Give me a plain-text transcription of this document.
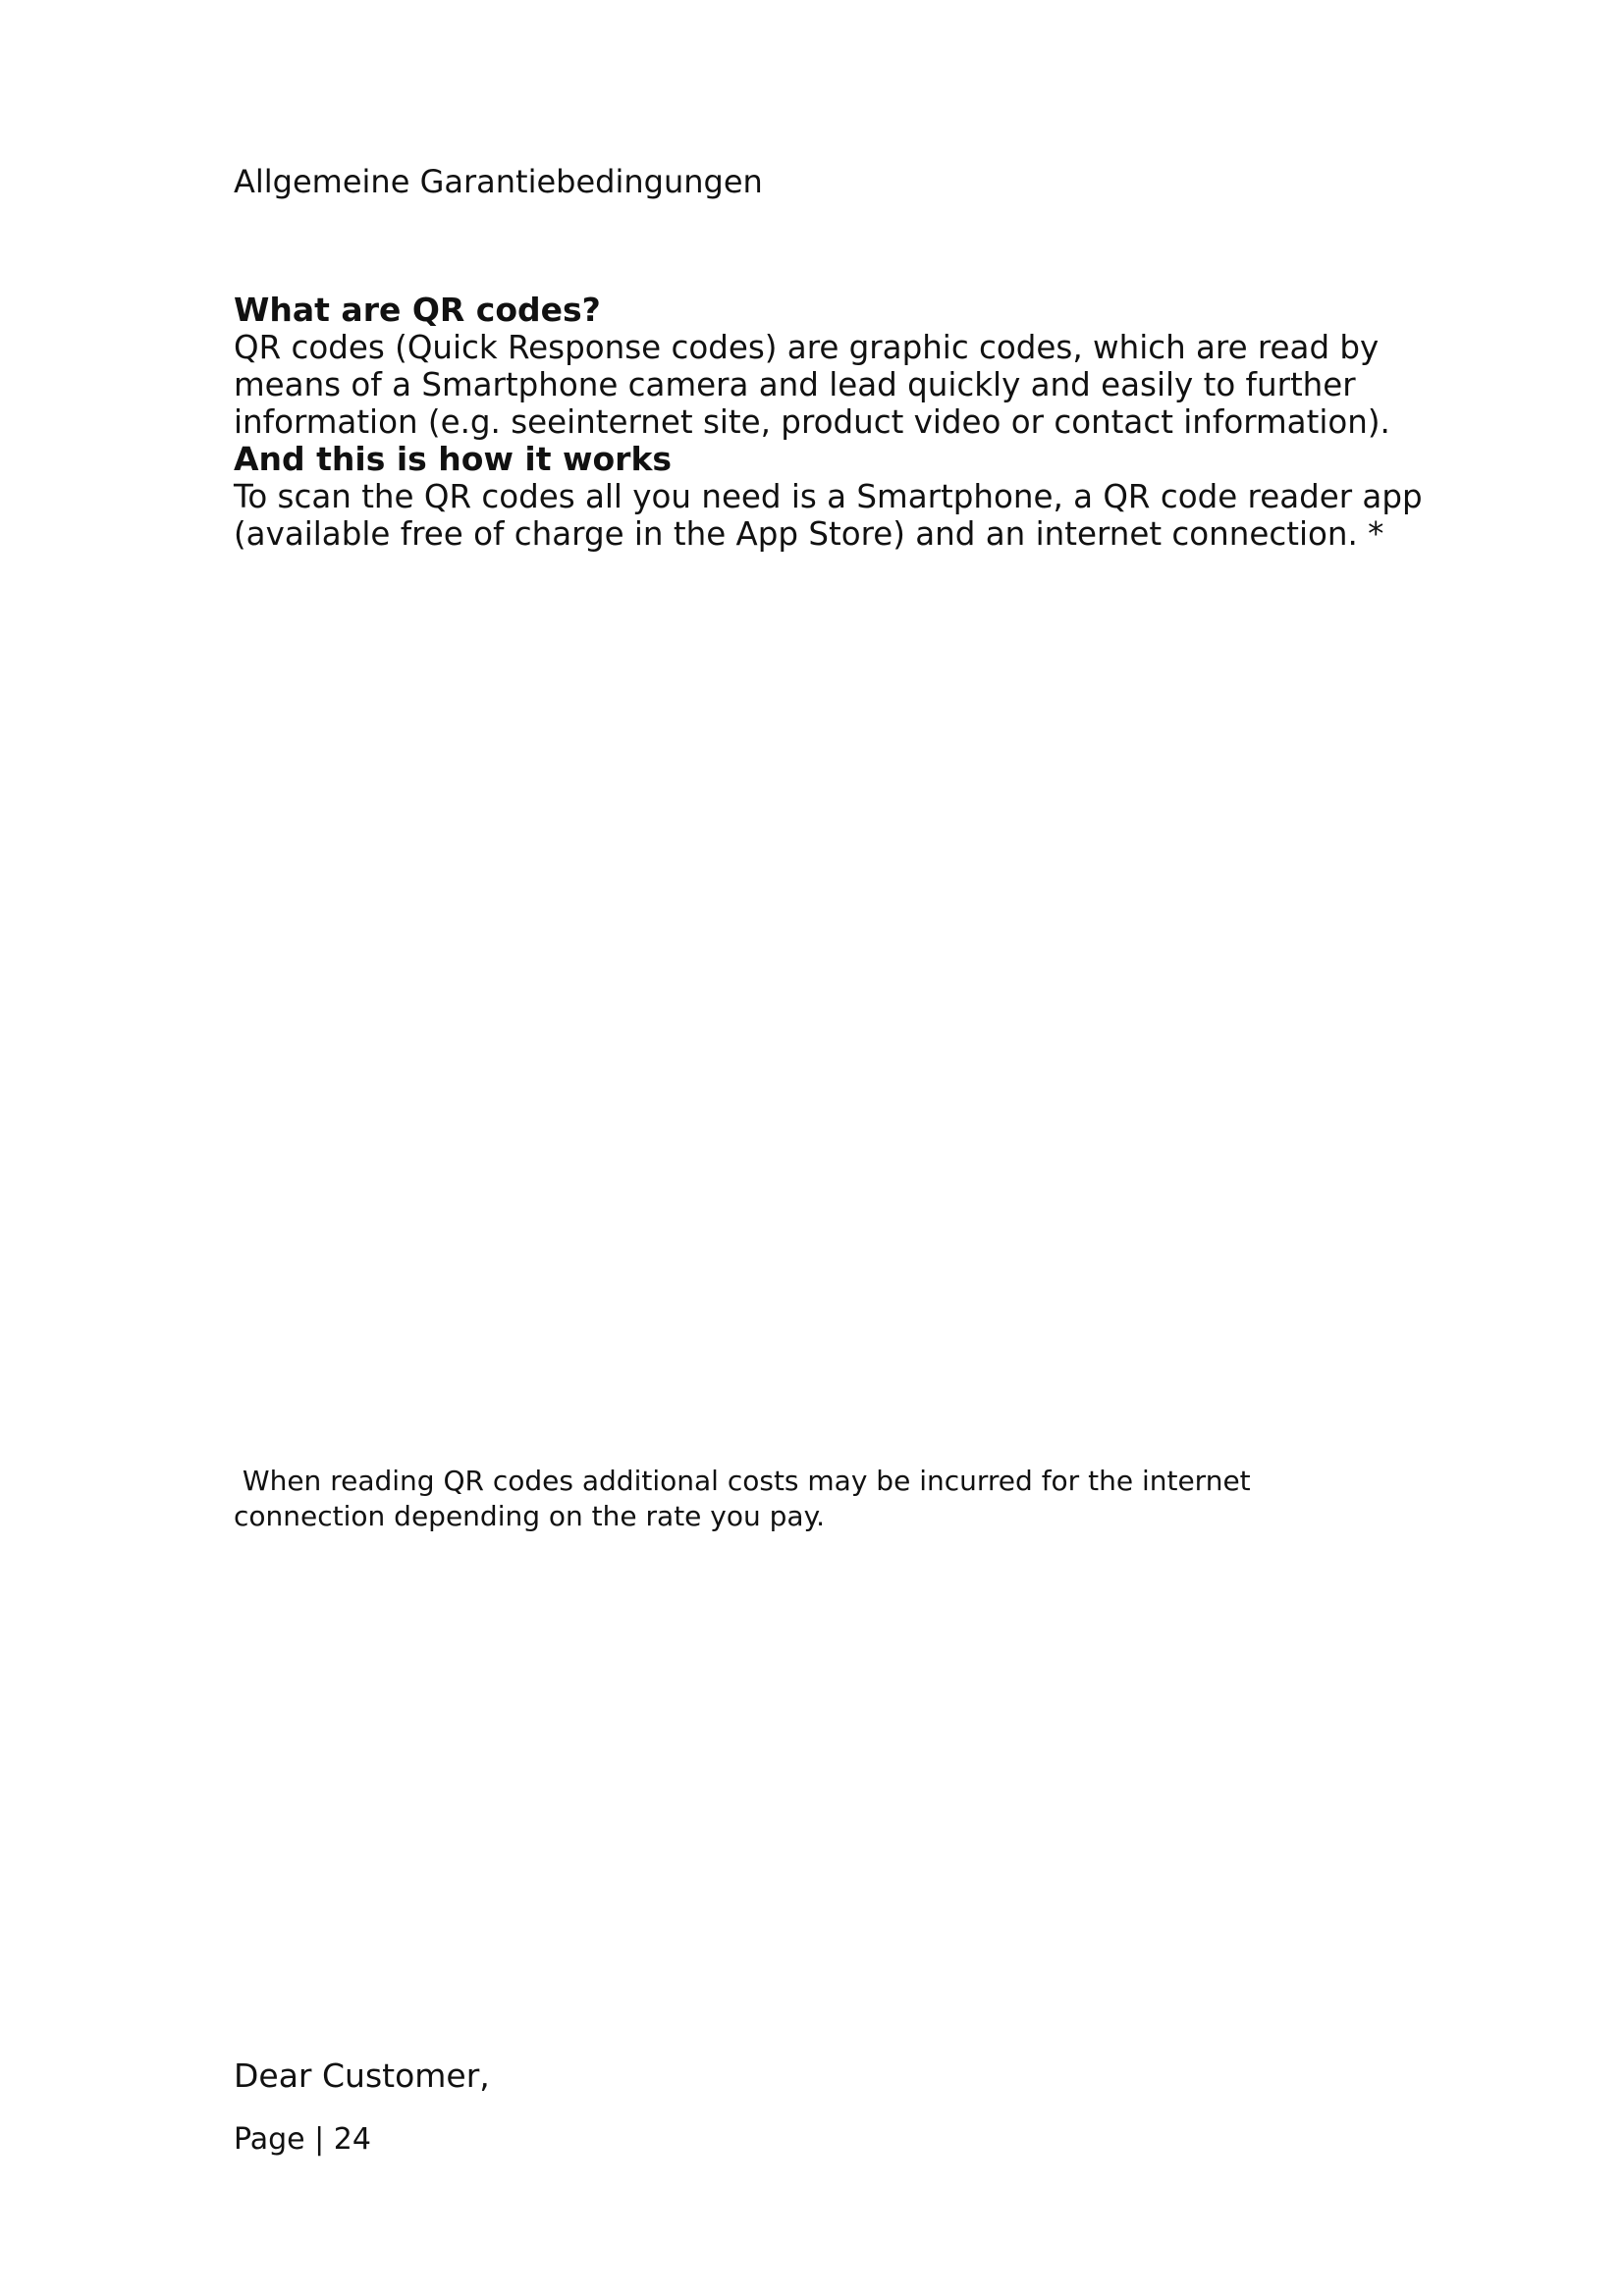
Allgemeine Garantiebedingungen
What are QR codes?

QR codes (Quick Response codes) are graphic codes, which are read by
means of a Smartphone camera and lead quickly and easily to further
information (e.g. seeinternet site, product video or contact information).

And this is how it works

To scan the QR codes all you need is a Smartphone, a QR code reader app
(available free of charge in the App Store) and an internet connection. *

When reading QR codes additional costs may be incurred for the internet
connection depending on the rate you pay.
Dear Customer,
Page | 24
